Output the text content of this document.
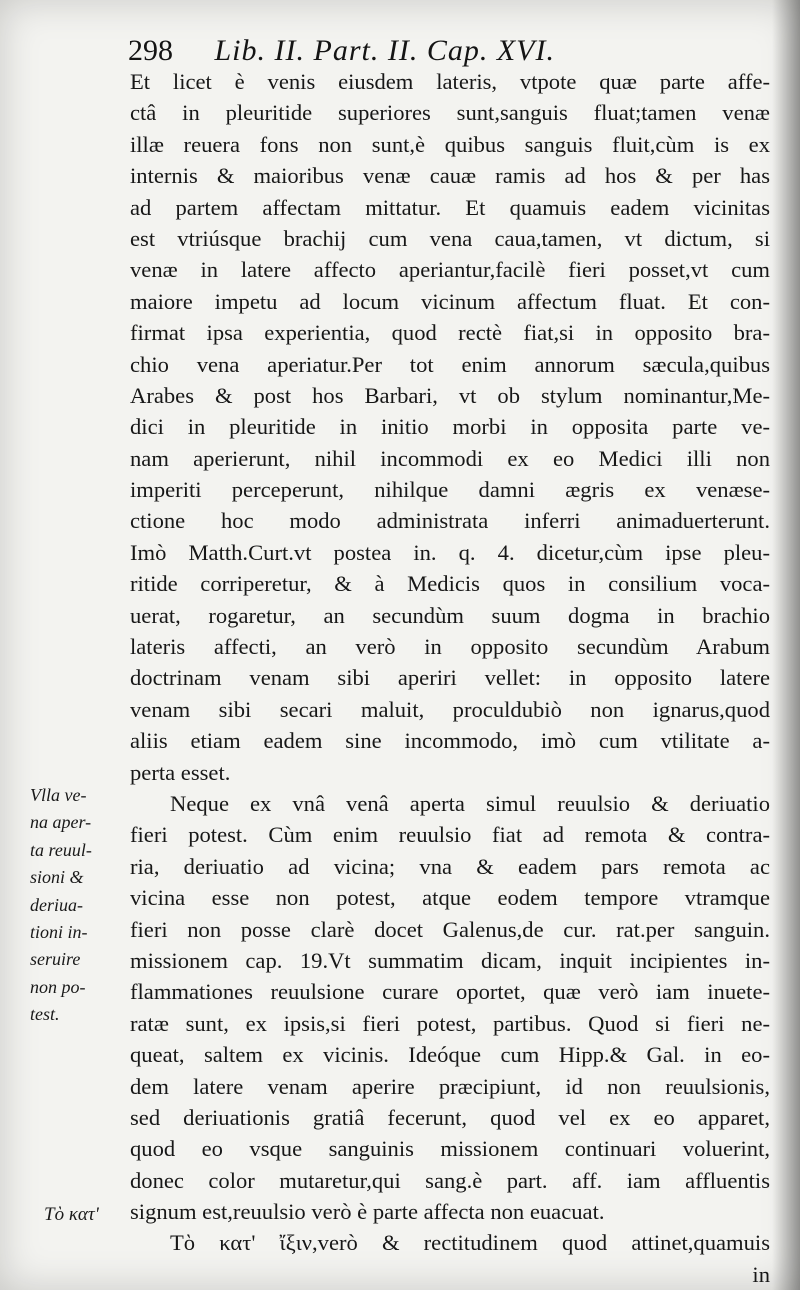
298 Lib. II. Part. II. Cap. XVI.
Et licet è venis eiusdem lateris, vtpote quæ parte affe-
ctâ in pleuritide superiores sunt,sanguis fluat;tamen venæ
illæ reuera fons non sunt,è quibus sanguis fluit,cùm is ex
internis & maioribus venæ cauæ ramis ad hos & per has
ad partem affectam mittatur. Et quamuis eadem vicinitas
est vtriúsque brachij cum vena caua,tamen, vt dictum, si
venæ in latere affecto aperiantur,facilè fieri posset,vt cum
maiore impetu ad locum vicinum affectum fluat. Et con-
firmat ipsa experientia, quod rectè fiat,si in opposito bra-
chio vena aperiatur.Per tot enim annorum sæcula,quibus
Arabes & post hos Barbari, vt ob stylum nominantur,Me-
dici in pleuritide in initio morbi in opposita parte ve-
nam aperierunt, nihil incommodi ex eo Medici illi non
imperiti perceperunt, nihilque damni ægris ex venæse-
ctione hoc modo administrata inferri animaduerterunt.
Imò Matth.Curt.vt postea in. q. 4. dicetur,cùm ipse pleu-
ritide corriperetur, & à Medicis quos in consilium voca-
uerat, rogaretur, an secundùm suum dogma in brachio
lateris affecti, an verò in opposito secundùm Arabum
doctrinam venam sibi aperiri vellet: in opposito latere
venam sibi secari maluit, proculdubiò non ignarus,quod
aliis etiam eadem sine incommodo, imò cum vtilitate a-
perta esset.
Neque ex vnâ venâ aperta simul reuulsio & deriuatio
fieri potest. Cùm enim reuulsio fiat ad remota & contra-
ria, deriuatio ad vicina; vna & eadem pars remota ac
vicina esse non potest, atque eodem tempore vtramque
fieri non posse clarè docet Galenus,de cur. rat.per sanguin.
missionem cap. 19.Vt summatim dicam, inquit incipientes in-
flammationes reuulsione curare oportet, quæ verò iam inuete-
ratæ sunt, ex ipsis,si fieri potest, partibus. Quod si fieri ne-
queat, saltem ex vicinis. Ideóque cum Hipp.& Gal. in eo-
dem latere venam aperire præcipiunt, id non reuulsionis,
sed deriuationis gratiâ fecerunt, quod vel ex eo apparet,
quod eo vsque sanguinis missionem continuari voluerint,
donec color mutaretur,qui sang.è part. aff. iam affluentis
signum est,reuulsio verò è parte affecta non euacuat.
Τὸ κατ' ἴξιν,verò & rectitudinem quod attinet,quamuis
in
Vlla ve-
na aper-
ta reuul-
sioni &
deriua-
tioni in-
seruire
non po-
test.
Τὸ κατ'
